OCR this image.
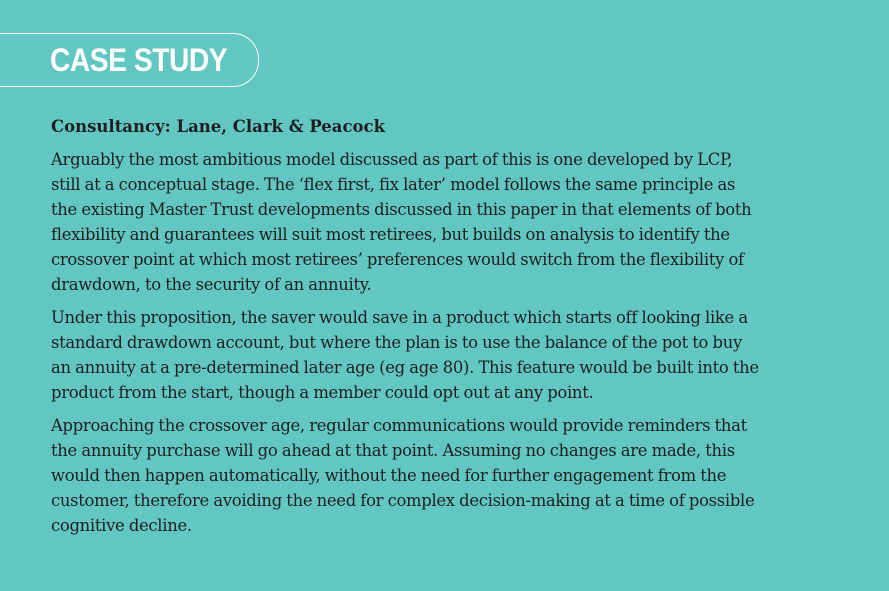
CASE STUDY
Consultancy: Lane, Clark & Peacock

Arguably the most ambitious model discussed as part of this is one developed by LCP,
still at a conceptual stage. The ‘flex first, fix later’ model follows the same principle as
the existing Master Trust developments discussed in this paper in that elements of both
flexibility and guarantees will suit most retirees, but builds on analysis to identify the
crossover point at which most retirees’ preferences would switch from the flexibility of
drawdown, to the security of an annuity.

Under this proposition, the saver would save in a product which starts off looking like a
standard drawdown account, but where the plan is to use the balance of the pot to buy
an annuity at a pre-determined later age (eg age 80). This feature would be built into the
product from the start, though a member could opt out at any point.

Approaching the crossover age, regular communications would provide reminders that
the annuity purchase will go ahead at that point. Assuming no changes are made, this
would then happen automatically, without the need for further engagement from the
customer, therefore avoiding the need for complex decision-making at a time of possible
cognitive decline.
